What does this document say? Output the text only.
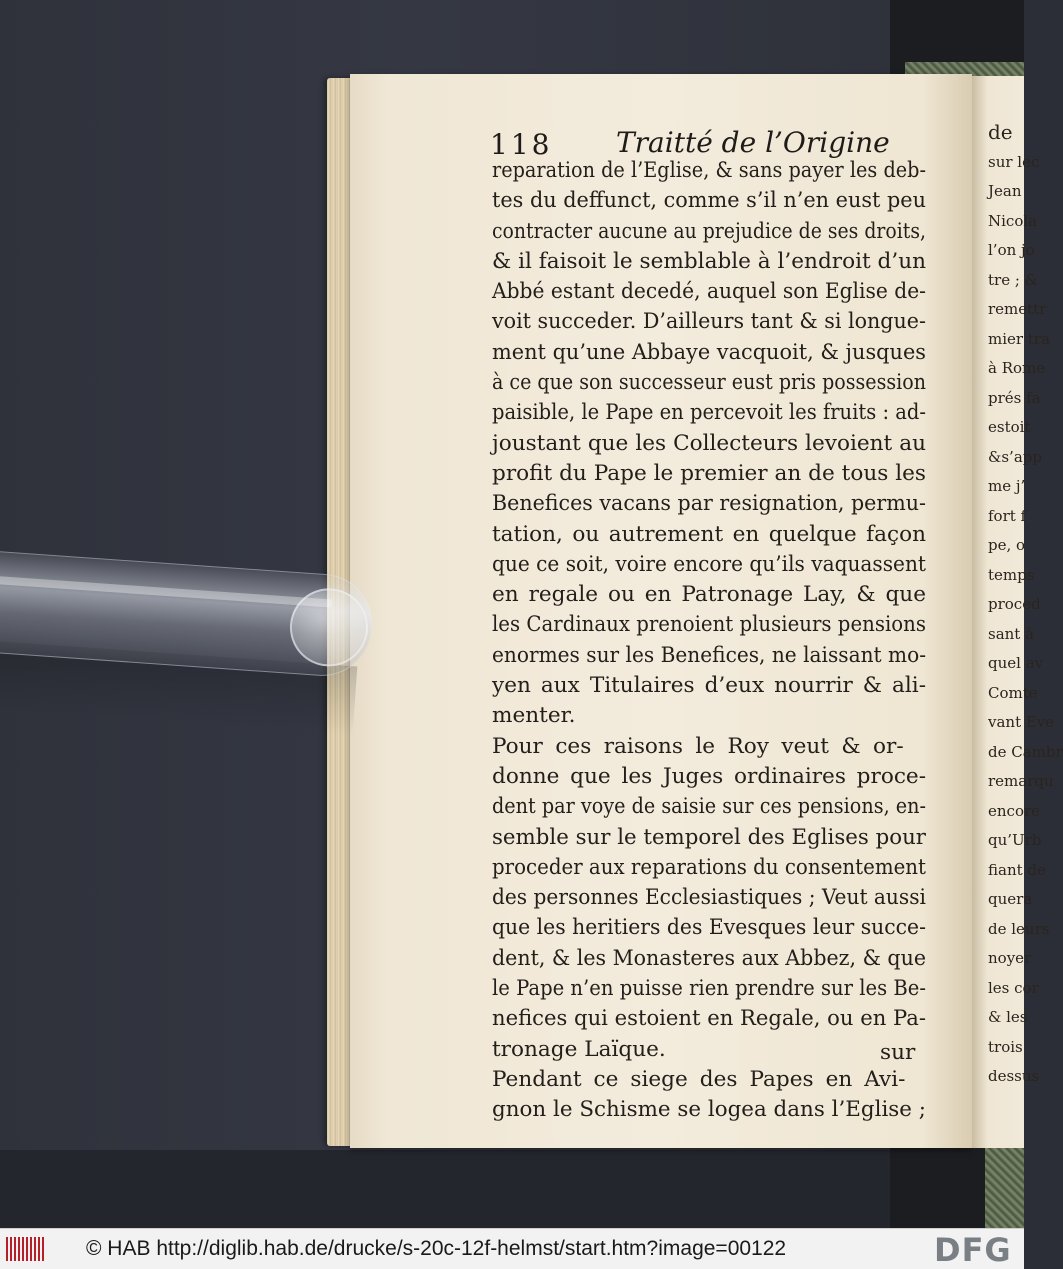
de
sur lec
Jean
Nicola
l’on jo
tre ; &
remettr
mier tra
à Rome
prés fa
estoit
&s’app
me j’
fort f
pe, o
temps
proced
sant à
quel av
Comte
vant Eve
de Cambr
remarqu
encore
qu’Urb
fiant de
quera
de leurs
noyer
les cor
& les
trois
dessus
118 Traitté de l’Origine
reparation de l’Eglise, & sans payer les deb-
tes du deffunct, comme s’il n’en eust peu
contracter aucune au prejudice de ses droits,
& il faisoit le semblable à l’endroit d’un
Abbé estant decedé, auquel son Eglise de-
voit succeder. D’ailleurs tant & si longue-
ment qu’une Abbaye vacquoit, & jusques
à ce que son successeur eust pris possession
paisible, le Pape en percevoit les fruits : ad-
joustant que les Collecteurs levoient au
profit du Pape le premier an de tous les
Benefices vacans par resignation, permu-
tation, ou autrement en quelque façon
que ce soit, voire encore qu’ils vaquassent
en regale ou en Patronage Lay, & que
les Cardinaux prenoient plusieurs pensions
enormes sur les Benefices, ne laissant mo-
yen aux Titulaires d’eux nourrir & ali-
menter.
Pour ces raisons le Roy veut & or-
donne que les Juges ordinaires proce-
dent par voye de saisie sur ces pensions, en-
semble sur le temporel des Eglises pour
proceder aux reparations du consentement
des personnes Ecclesiastiques ; Veut aussi
que les heritiers des Evesques leur succe-
dent, & les Monasteres aux Abbez, & que
le Pape n’en puisse rien prendre sur les Be-
nefices qui estoient en Regale, ou en Pa-
tronage Laïque.
Pendant ce siege des Papes en Avi-
gnon le Schisme se logea dans l’Eglise ;
sur
© HAB http://diglib.hab.de/drucke/s-20c-12f-helmst/start.htm?image=00122	DFG
